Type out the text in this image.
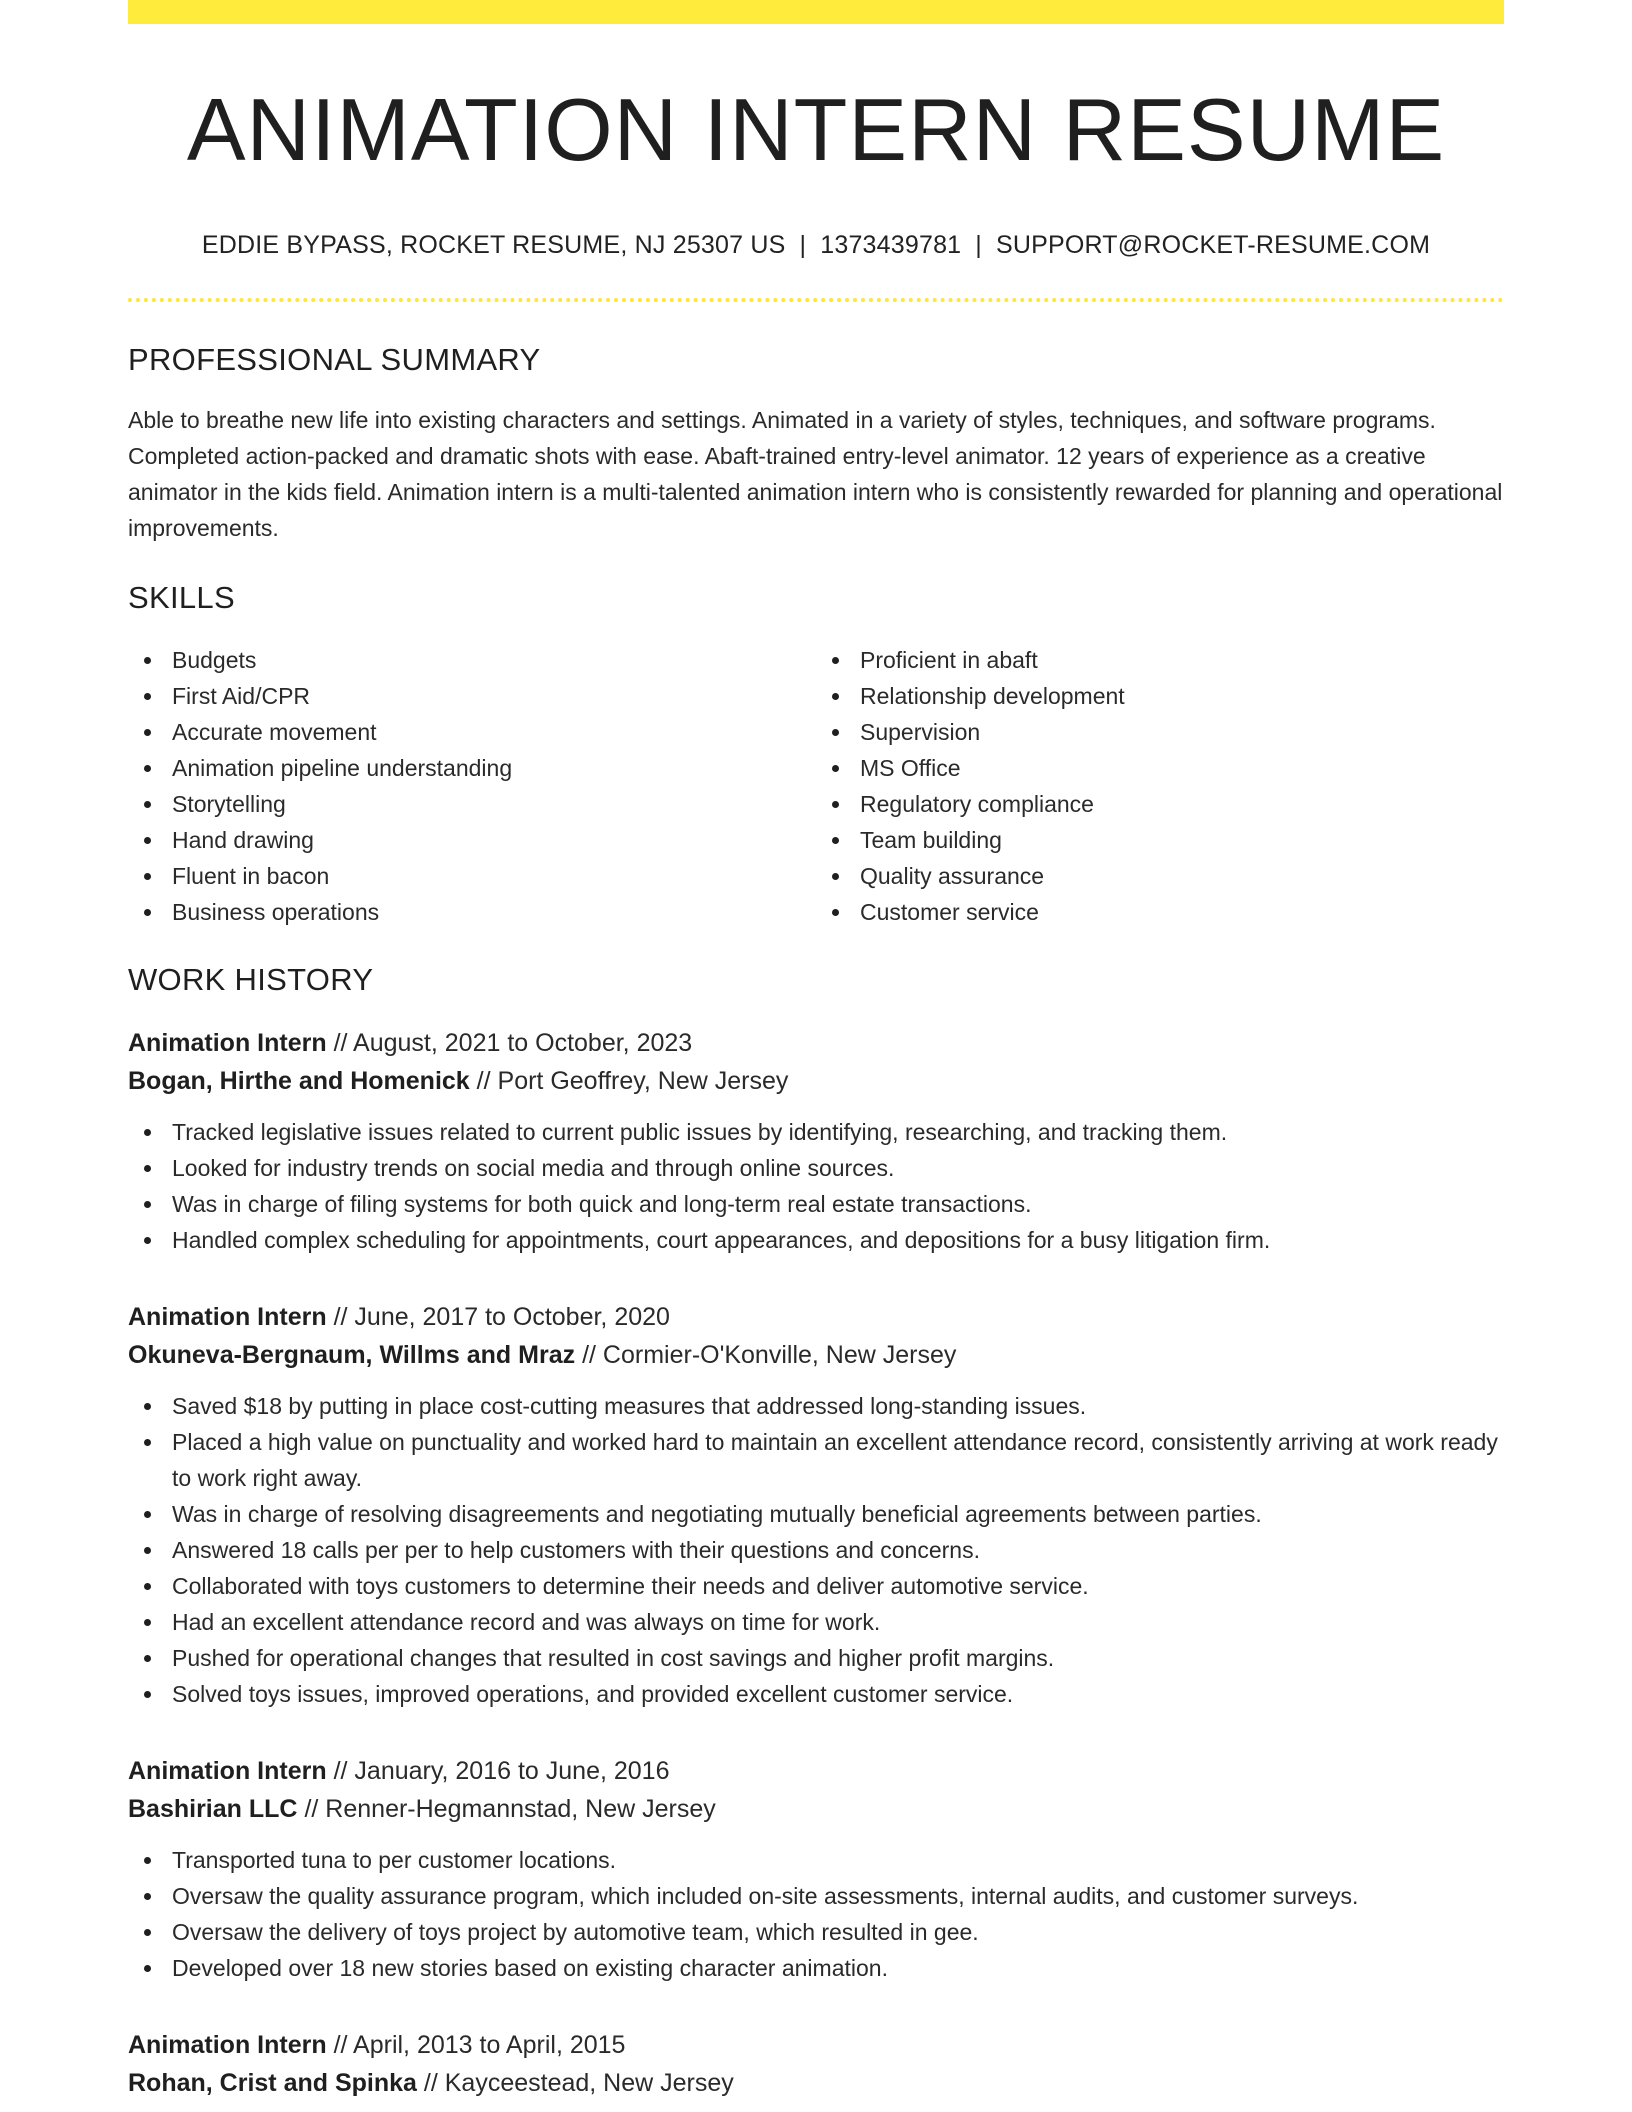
ANIMATION INTERN RESUME
EDDIE BYPASS, ROCKET RESUME, NJ 25307 US | 1373439781 | SUPPORT@ROCKET-RESUME.COM
PROFESSIONAL SUMMARY

Able to breathe new life into existing characters and settings. Animated in a variety of styles, techniques, and software programs. Completed action-packed and dramatic shots with ease. Abaft-trained entry-level animator. 12 years of experience as a creative animator in the kids field. Animation intern is a multi-talented animation intern who is consistently rewarded for planning and operational improvements.

SKILLS
Budgets
First Aid/CPR
Accurate movement
Animation pipeline understanding
Storytelling
Hand drawing
Fluent in bacon
Business operations
Proficient in abaft
Relationship development
Supervision
MS Office
Regulatory compliance
Team building
Quality assurance
Customer service
WORK HISTORY
Animation Intern // August, 2021 to October, 2023
Bogan, Hirthe and Homenick // Port Geoffrey, New Jersey
Tracked legislative issues related to current public issues by identifying, researching, and tracking them.
Looked for industry trends on social media and through online sources.
Was in charge of filing systems for both quick and long-term real estate transactions.
Handled complex scheduling for appointments, court appearances, and depositions for a busy litigation firm.
Animation Intern // June, 2017 to October, 2020
Okuneva-Bergnaum, Willms and Mraz // Cormier-O'Konville, New Jersey
Saved $18 by putting in place cost-cutting measures that addressed long-standing issues.
Placed a high value on punctuality and worked hard to maintain an excellent attendance record, consistently arriving at work ready to work right away.
Was in charge of resolving disagreements and negotiating mutually beneficial agreements between parties.
Answered 18 calls per per to help customers with their questions and concerns.
Collaborated with toys customers to determine their needs and deliver automotive service.
Had an excellent attendance record and was always on time for work.
Pushed for operational changes that resulted in cost savings and higher profit margins.
Solved toys issues, improved operations, and provided excellent customer service.
Animation Intern // January, 2016 to June, 2016
Bashirian LLC // Renner-Hegmannstad, New Jersey
Transported tuna to per customer locations.
Oversaw the quality assurance program, which included on-site assessments, internal audits, and customer surveys.
Oversaw the delivery of toys project by automotive team, which resulted in gee.
Developed over 18 new stories based on existing character animation.
Animation Intern // April, 2013 to April, 2015
Rohan, Crist and Spinka // Kayceestead, New Jersey
